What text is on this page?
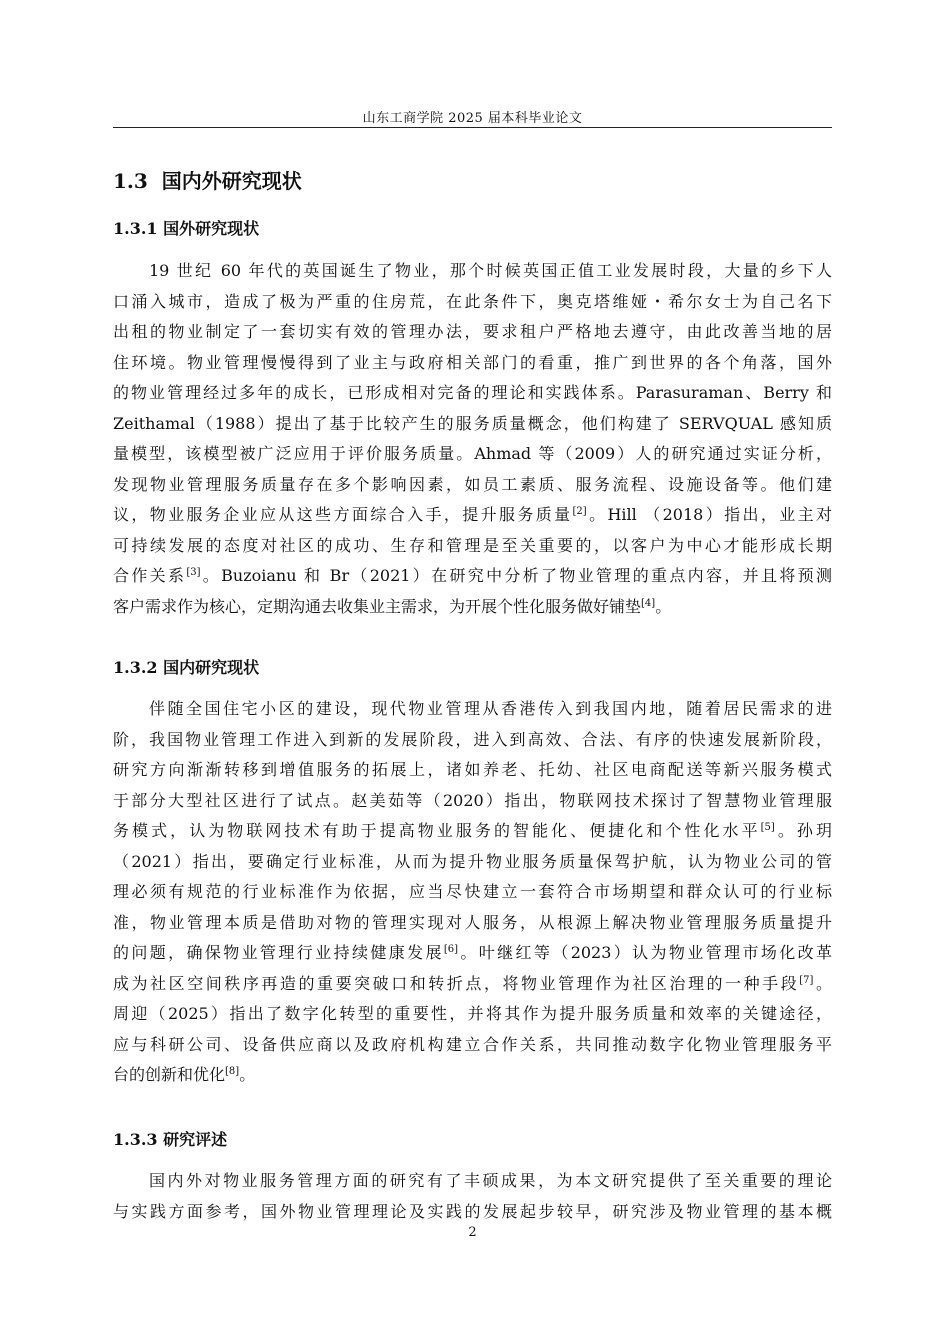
山东工商学院 2025 届本科毕业论文
1.3 国内外研究现状
1.3.1 国外研究现状
19 世纪 60 年代的英国诞生了物业，那个时候英国正值工业发展时段，大量的乡下人
口涌入城市，造成了极为严重的住房荒，在此条件下，奥克塔维娅・希尔女士为自己名下
出租的物业制定了一套切实有效的管理办法，要求租户严格地去遵守，由此改善当地的居
住环境。物业管理慢慢得到了业主与政府相关部门的看重，推广到世界的各个角落，国外
的物业管理经过多年的成长，已形成相对完备的理论和实践体系。Parasuraman、Berry 和
Zeithamal（1988）提出了基于比较产生的服务质量概念，他们构建了 SERVQUAL 感知质
量模型，该模型被广泛应用于评价服务质量。Ahmad 等（2009）人的研究通过实证分析，
发现物业管理服务质量存在多个影响因素，如员工素质、服务流程、设施设备等。他们建
议，物业服务企业应从这些方面综合入手，提升服务质量[2]。Hill （2018）指出，业主对
可持续发展的态度对社区的成功、生存和管理是至关重要的，以客户为中心才能形成长期
合作关系[3]。Buzoianu 和 Br（2021）在研究中分析了物业管理的重点内容，并且将预测
客户需求作为核心，定期沟通去收集业主需求，为开展个性化服务做好铺垫[4]。
1.3.2 国内研究现状
伴随全国住宅小区的建设，现代物业管理从香港传入到我国内地，随着居民需求的进
阶，我国物业管理工作进入到新的发展阶段，进入到高效、合法、有序的快速发展新阶段，
研究方向渐渐转移到增值服务的拓展上，诸如养老、托幼、社区电商配送等新兴服务模式
于部分大型社区进行了试点。赵美茹等（2020）指出，物联网技术探讨了智慧物业管理服
务模式，认为物联网技术有助于提高物业服务的智能化、便捷化和个性化水平[5]。孙玥
（2021）指出，要确定行业标准，从而为提升物业服务质量保驾护航，认为物业公司的管
理必须有规范的行业标准作为依据，应当尽快建立一套符合市场期望和群众认可的行业标
准，物业管理本质是借助对物的管理实现对人服务，从根源上解决物业管理服务质量提升
的问题，确保物业管理行业持续健康发展[6]。叶继红等（2023）认为物业管理市场化改革
成为社区空间秩序再造的重要突破口和转折点，将物业管理作为社区治理的一种手段[7]。
周迎（2025）指出了数字化转型的重要性，并将其作为提升服务质量和效率的关键途径，
应与科研公司、设备供应商以及政府机构建立合作关系，共同推动数字化物业管理服务平
台的创新和优化[8]。
1.3.3 研究评述
国内外对物业服务管理方面的研究有了丰硕成果，为本文研究提供了至关重要的理论
与实践方面参考，国外物业管理理论及实践的发展起步较早，研究涉及物业管理的基本概
2
